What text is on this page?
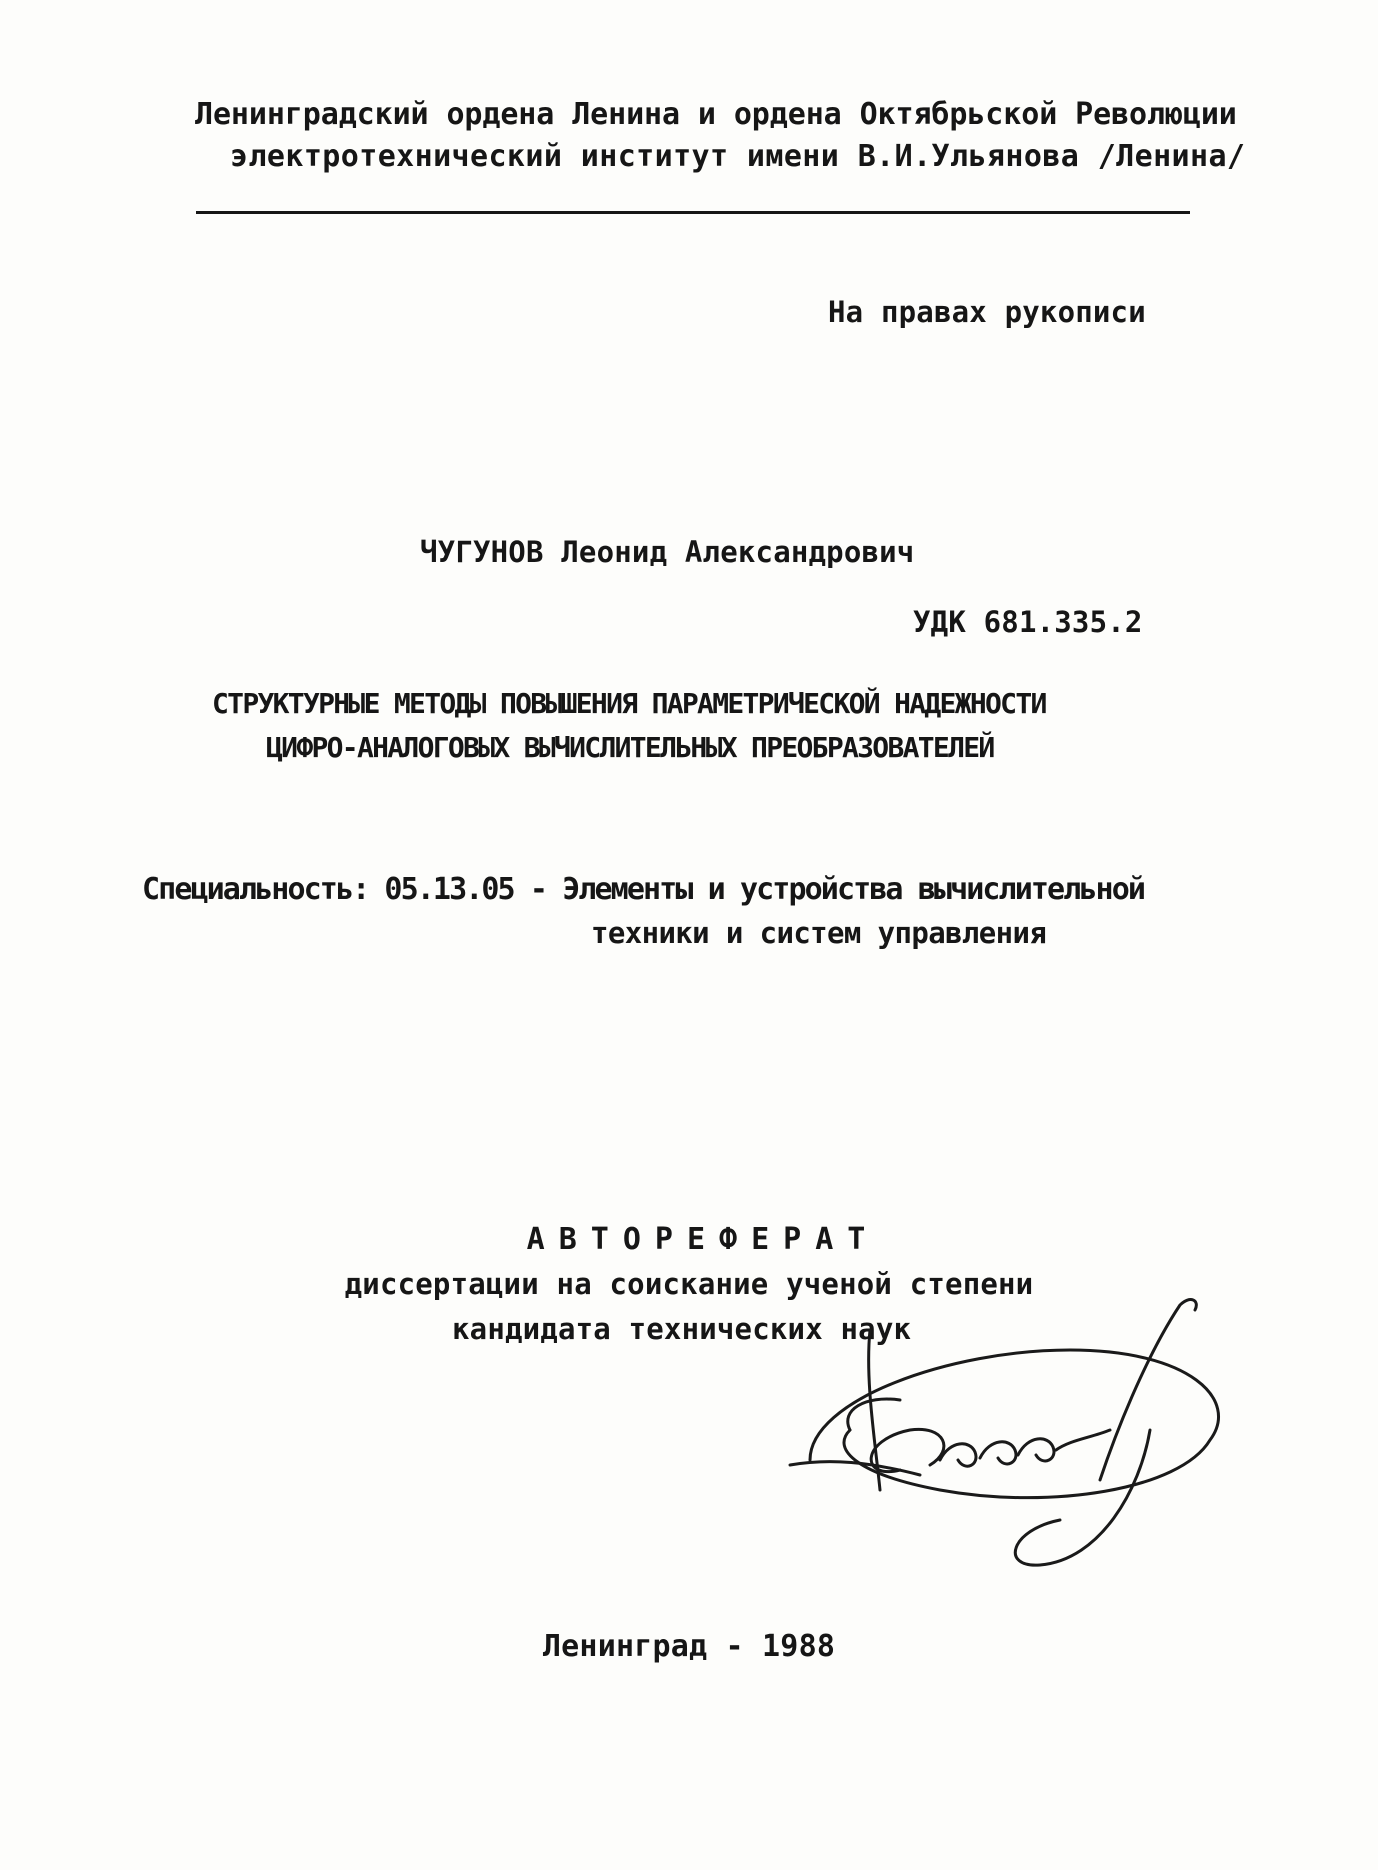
Ленинградский ордена Ленина и ордена Октябрьской Революции
электротехнический институт имени В.И.Ульянова /Ленина/
На правах рукописи
ЧУГУНОВ Леонид Александрович
УДК 681.335.2
СТРУКТУРНЫЕ МЕТОДЫ ПОВЫШЕНИЯ ПАРАМЕТРИЧЕСКОЙ НАДЕЖНОСТИ
ЦИФРО-АНАЛОГОВЫХ ВЫЧИСЛИТЕЛЬНЫХ ПРЕОБРАЗОВАТЕЛЕЙ
Специальность: 05.13.05 - Элементы и устройства вычислительной
техники и систем управления
АВТОРЕФЕРАТ
диссертации на соискание ученой степени
кандидата технических наук
Ленинград - 1988
